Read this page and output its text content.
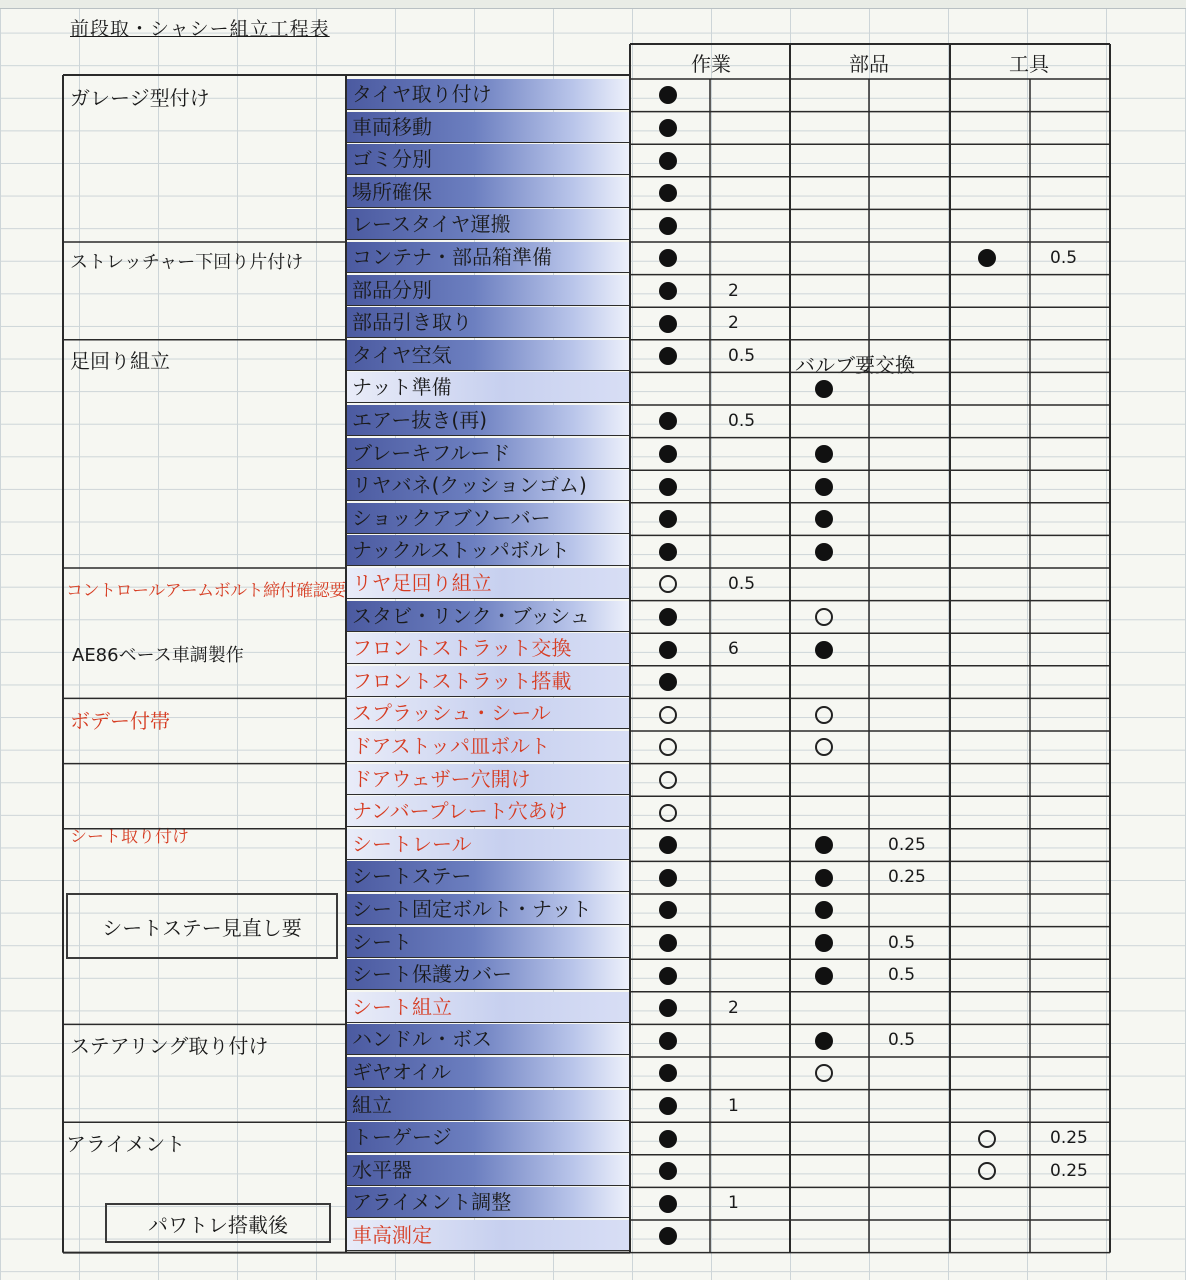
前段取・シャシー組立工程表
作業	部品	工具
ガレージ型付け
ストレッチャー下回り片付け
足回り組立
コントロールアームボルト締付確認要
AE86ベース車調製作
ボデー付帯
シート取り付け
ステアリング取り付け
アライメント
シートステー見直し要
パワトレ搭載後
タイヤ取り付け
車両移動
ゴミ分別
場所確保
レースタイヤ運搬
コンテナ・部品箱準備
部品分別
部品引き取り
タイヤ空気
ナット準備
エアー抜き(再)
ブレーキフルード
リヤバネ(クッションゴム)
ショックアブソーバー
ナックルストッパボルト
リヤ足回り組立
スタビ・リンク・ブッシュ
フロントストラット交換
フロントストラット搭載
スプラッシュ・シール
ドアストッパ皿ボルト
ドアウェザー穴開け
ナンバープレート穴あけ
シートレール
シートステー
シート固定ボルト・ナット
シート
シート保護カバー
シート組立
ハンドル・ボス
ギヤオイル
組立
トーゲージ
水平器
アライメント調整
車高測定
0.5
2
2
0.5
0.5
0.5
6
0.25
0.25
0.5
0.5
2
0.5
1
0.25
0.25
1
バルブ要交換
